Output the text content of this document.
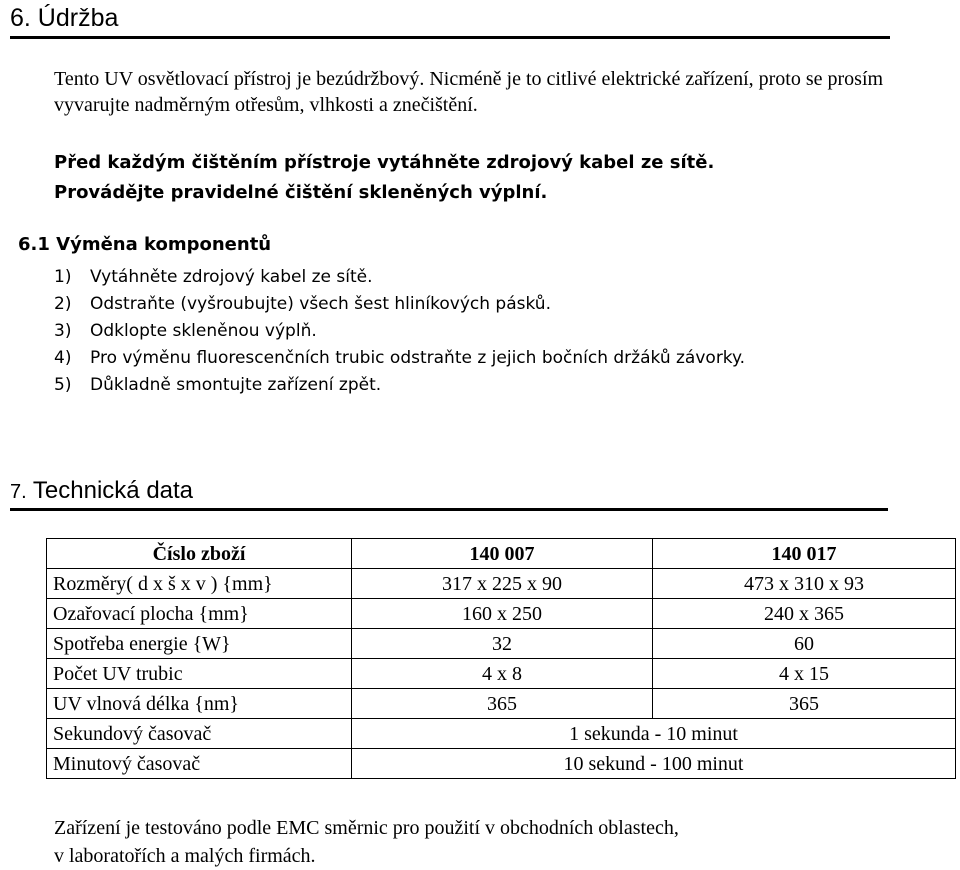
6. Údržba
Tento UV osvětlovací přístroj je bezúdržbový. Nicméně je to citlivé elektrické zařízení, proto se prosím vyvarujte nadměrným otřesům, vlhkosti a znečištění.
Před každým čištěním přístroje vytáhněte zdrojový kabel ze sítě.
Provádějte pravidelné čištění skleněných výplní.
6.1 Výměna komponentů
1) Vytáhněte zdrojový kabel ze sítě.
2) Odstraňte (vyšroubujte) všech šest hliníkových pásků.
3) Odklopte skleněnou výplň.
4) Pro výměnu fluorescenčních trubic odstraňte z jejich bočních držáků závorky.
5) Důkladně smontujte zařízení zpět.
7. Technická data
Číslo zboží	140 007	140 017
Rozměry( d x š x v ) {mm}	317 x 225 x 90	473 x 310 x 93
Ozařovací plocha {mm}	160 x 250	240 x 365
Spotřeba energie {W}	32	60
Počet UV trubic	4 x 8	4 x 15
UV vlnová délka {nm}	365	365
Sekundový časovač	1 sekunda - 10 minut	
Minutový časovač	10 sekund - 100 minut	
Zařízení je testováno podle EMC směrnic pro použití v obchodních oblastech,
v laboratořích a malých firmách.
